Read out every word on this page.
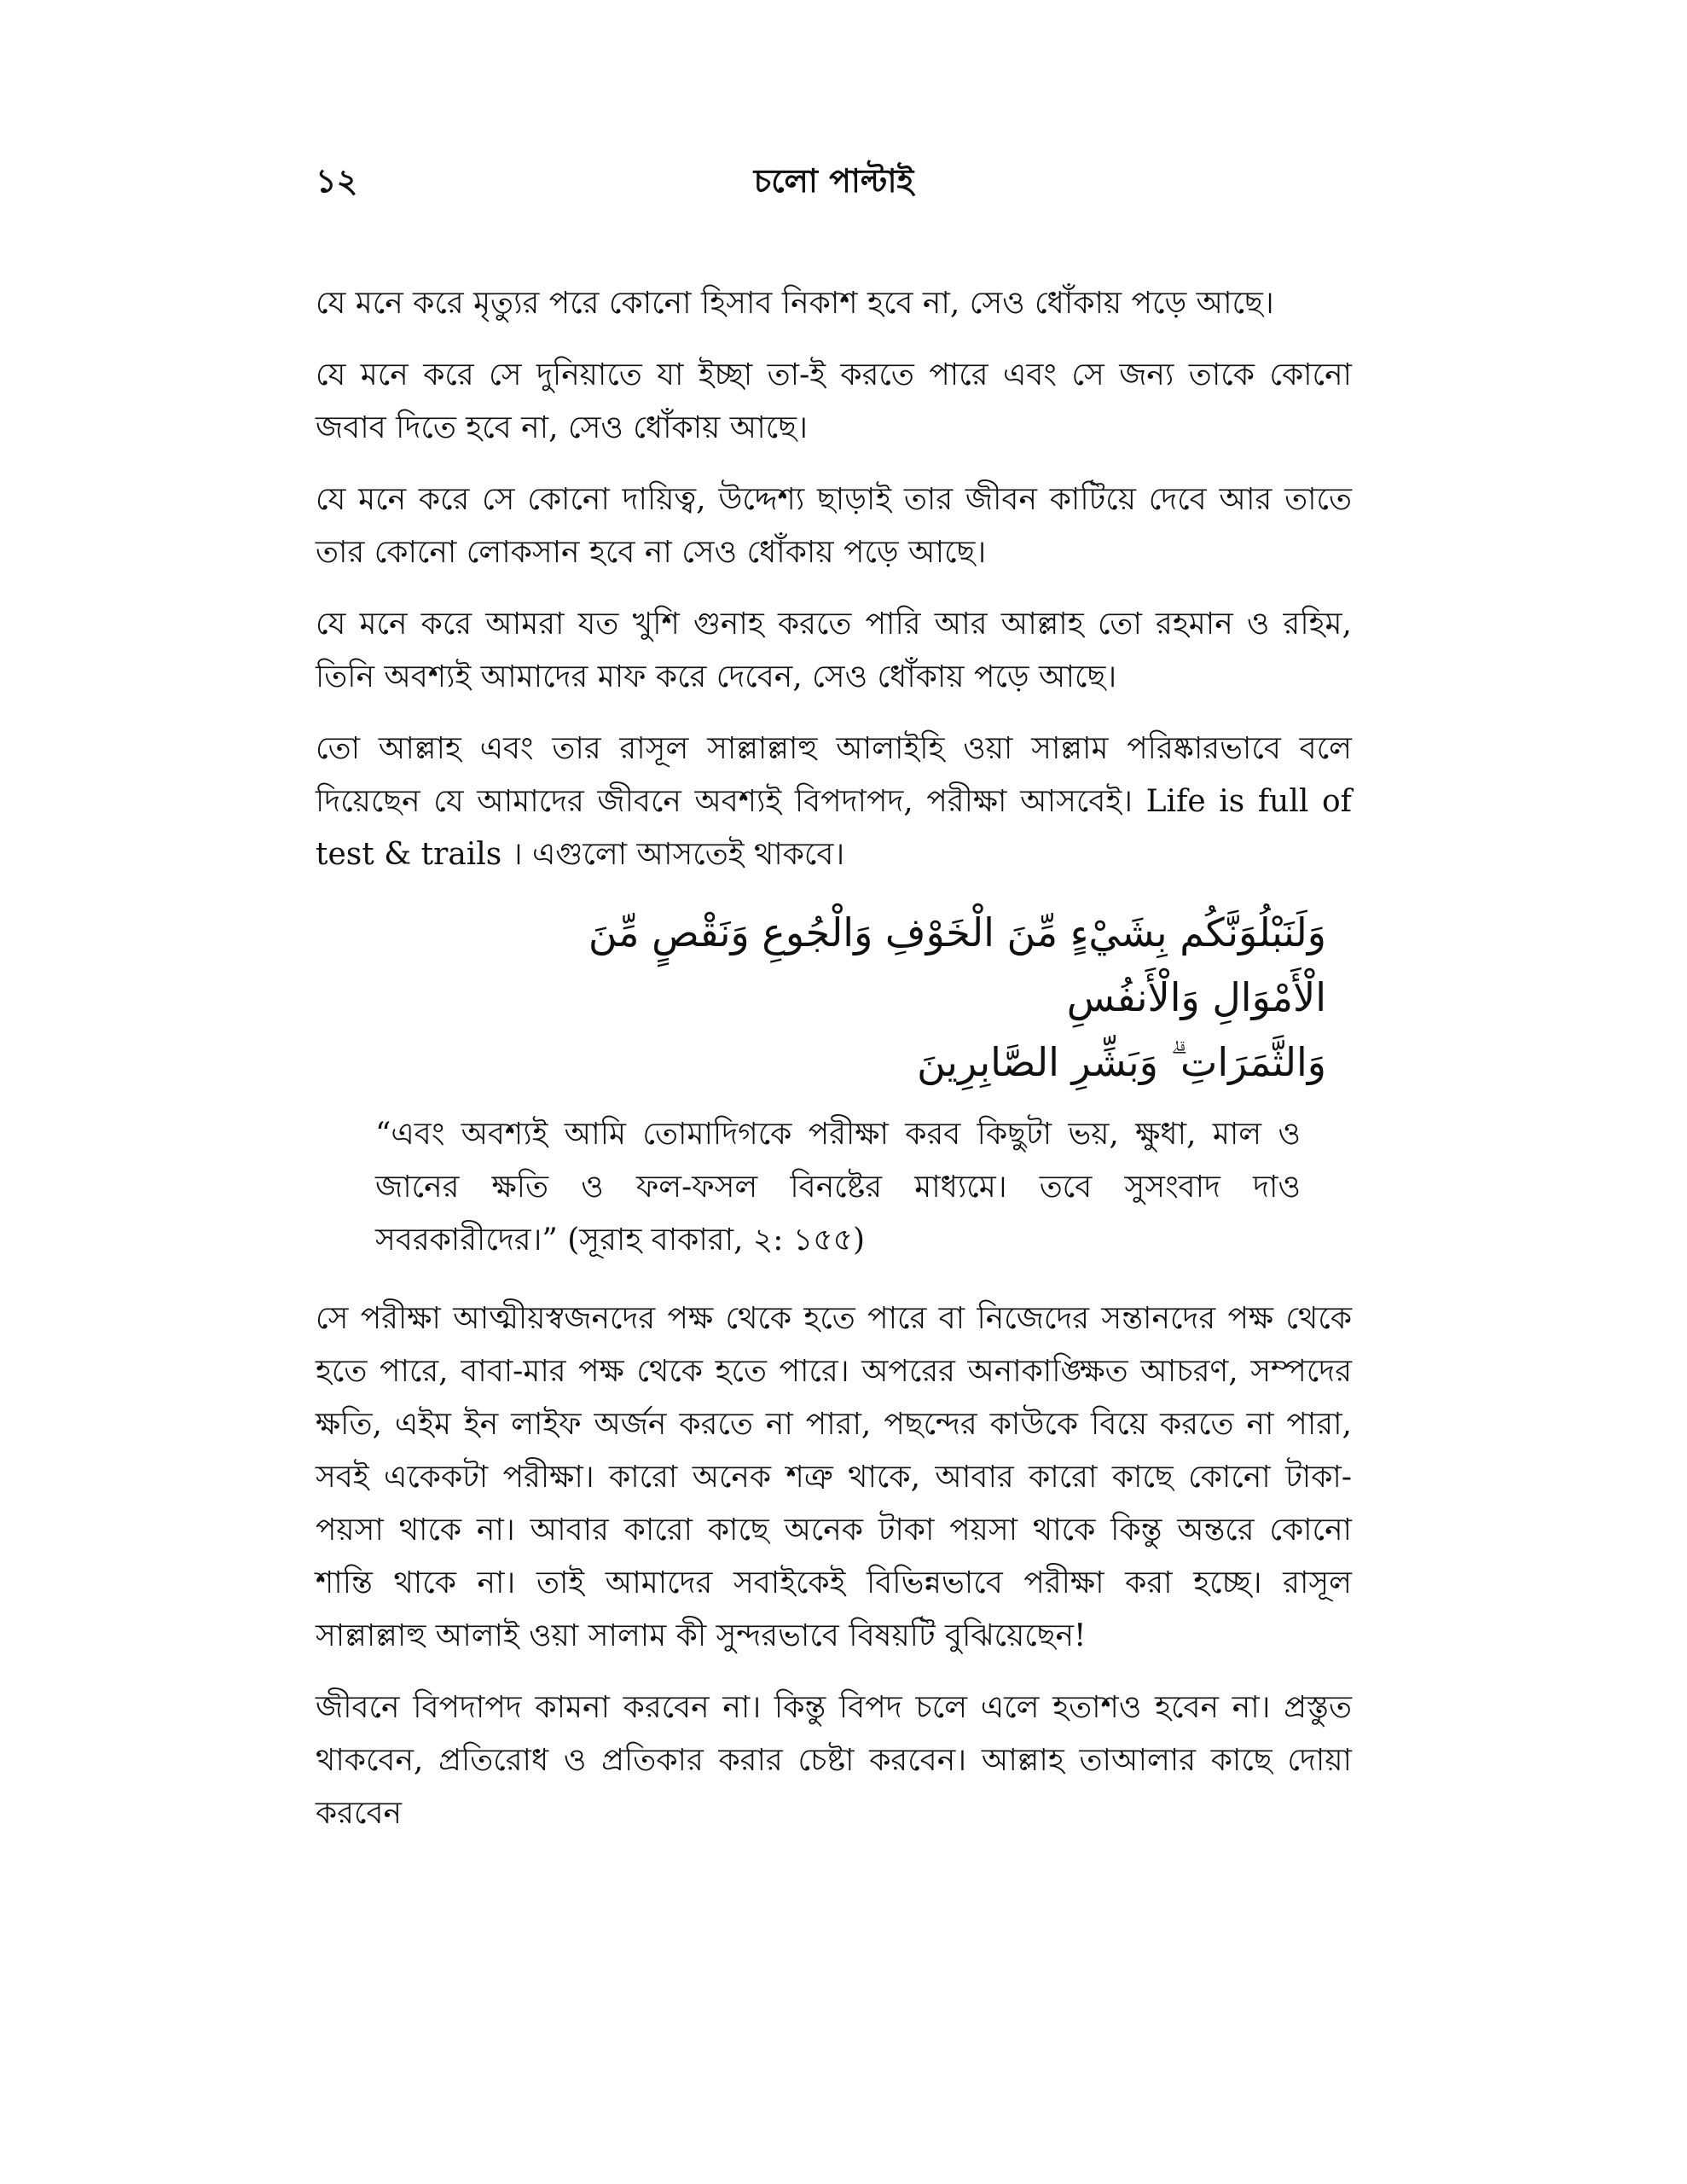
১২	চলো পাল্টাই

যে মনে করে মৃত্যুর পরে কোনো হিসাব নিকাশ হবে না, সেও ধোঁকায় পড়ে আছে।

যে মনে করে সে দুনিয়াতে যা ইচ্ছা তা-ই করতে পারে এবং সে জন্য তাকে কোনো জবাব দিতে হবে না, সেও ধোঁকায় আছে।

যে মনে করে সে কোনো দায়িত্ব, উদ্দেশ্য ছাড়াই তার জীবন কাটিয়ে দেবে আর তাতে তার কোনো লোকসান হবে না সেও ধোঁকায় পড়ে আছে।

যে মনে করে আমরা যত খুশি গুনাহ করতে পারি আর আল্লাহ তো রহমান ও রহিম, তিনি অবশ্যই আমাদের মাফ করে দেবেন, সেও ধোঁকায় পড়ে আছে।

তো আল্লাহ এবং তার রাসূল সাল্লাল্লাহু আলাইহি ওয়া সাল্লাম পরিষ্কারভাবে বলে দিয়েছেন যে আমাদের জীবনে অবশ্যই বিপদাপদ, পরীক্ষা আসবেই। Life is full of test & trails । এগুলো আসতেই থাকবে।

وَلَنَبْلُوَنَّكُم بِشَيْءٍ مِّنَ الْخَوْفِ وَالْجُوعِ وَنَقْصٍ مِّنَ الْأَمْوَالِ وَالْأَنفُسِ
وَالثَّمَرَاتِ ۗ وَبَشِّرِ الصَّابِرِينَ

“এবং অবশ্যই আমি তোমাদিগকে পরীক্ষা করব কিছুটা ভয়, ক্ষুধা, মাল ও জানের ক্ষতি ও ফল-ফসল বিনষ্টের মাধ্যমে। তবে সুসংবাদ দাও সবরকারীদের।” (সূরাহ বাকারা, ২: ১৫৫)

সে পরীক্ষা আত্মীয়স্বজনদের পক্ষ থেকে হতে পারে বা নিজেদের সন্তানদের পক্ষ থেকে হতে পারে, বাবা-মার পক্ষ থেকে হতে পারে। অপরের অনাকাঙ্ক্ষিত আচরণ, সম্পদের ক্ষতি, এইম ইন লাইফ অর্জন করতে না পারা, পছন্দের কাউকে বিয়ে করতে না পারা, সবই একেকটা পরীক্ষা। কারো অনেক শত্রু থাকে, আবার কারো কাছে কোনো টাকা-পয়সা থাকে না। আবার কারো কাছে অনেক টাকা পয়সা থাকে কিন্তু অন্তরে কোনো শান্তি থাকে না। তাই আমাদের সবাইকেই বিভিন্নভাবে পরীক্ষা করা হচ্ছে। রাসূল সাল্লাল্লাহু আলাই ওয়া সালাম কী সুন্দরভাবে বিষয়টি বুঝিয়েছেন!

জীবনে বিপদাপদ কামনা করবেন না। কিন্তু বিপদ চলে এলে হতাশও হবেন না। প্রস্তুত থাকবেন, প্রতিরোধ ও প্রতিকার করার চেষ্টা করবেন। আল্লাহ তাআলার কাছে দোয়া করবেন
